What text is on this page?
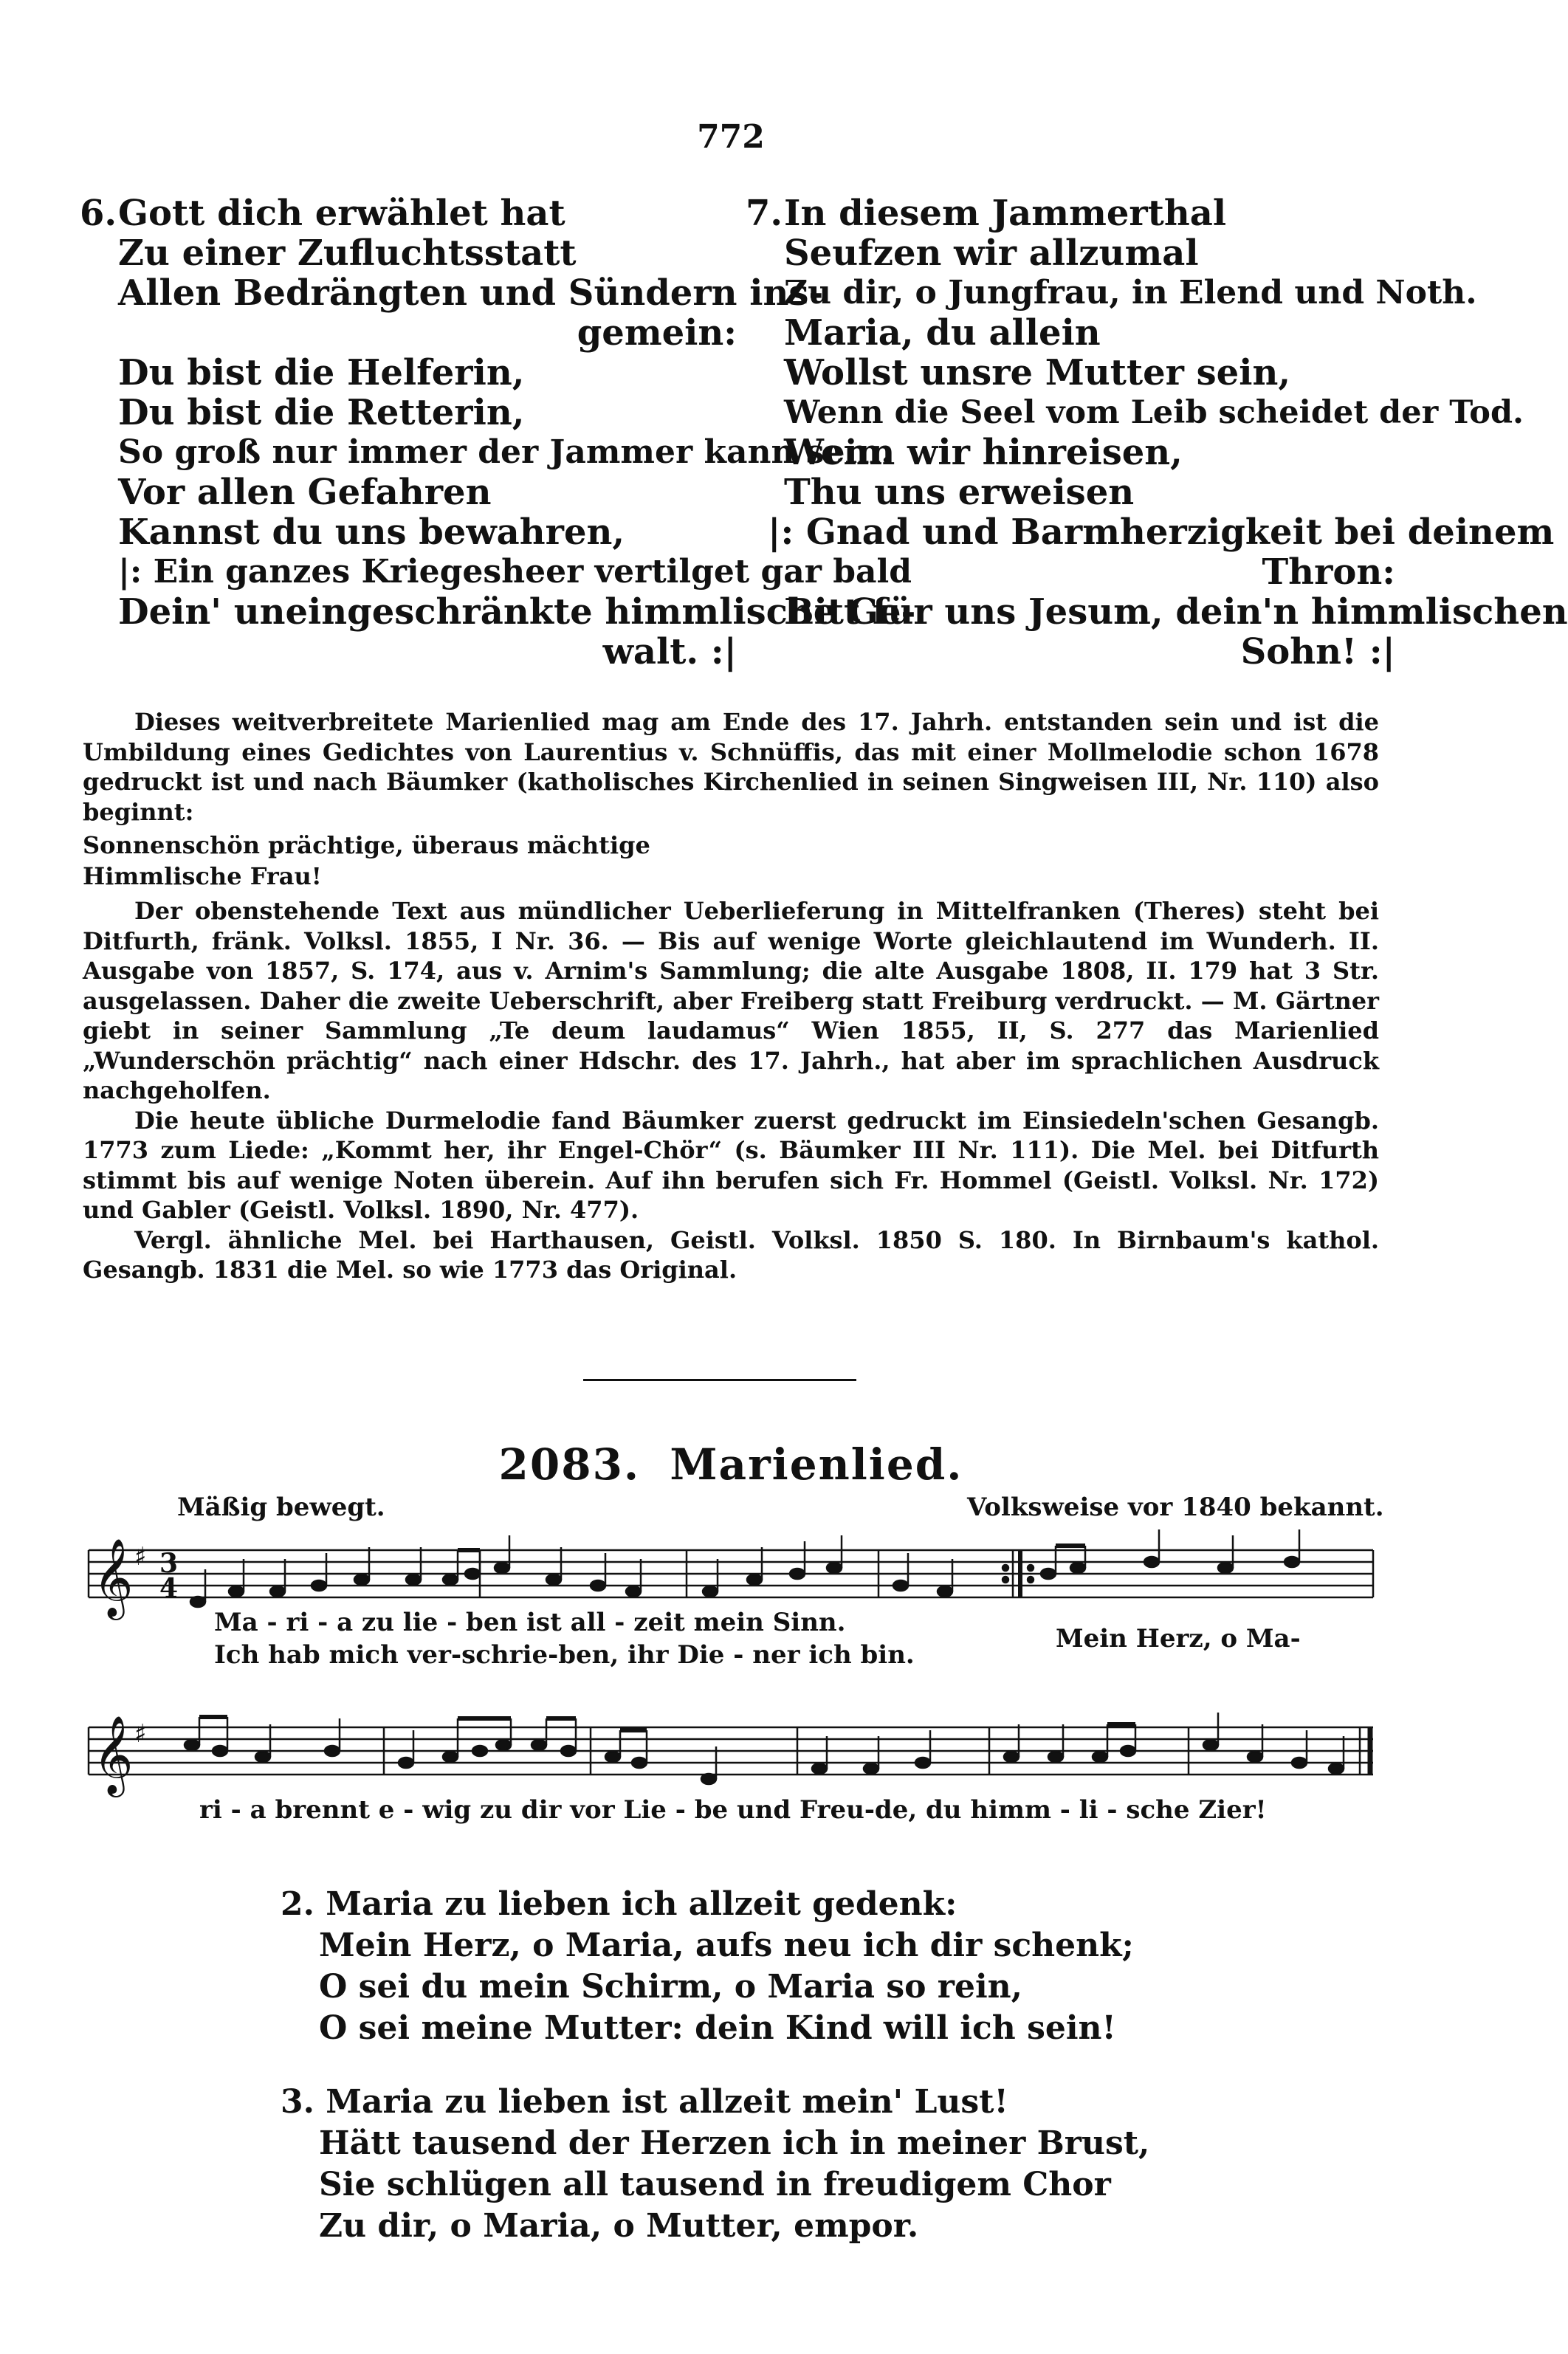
772
6.Gott dich erwählet hat
Zu einer Zufluchtsstatt
Allen Bedrängten und Sündern ins-
gemein:
Du bist die Helferin,
Du bist die Retterin,
So groß nur immer der Jammer kann sein.
Vor allen Gefahren
Kannst du uns bewahren,
|: Ein ganzes Kriegesheer vertilget gar bald
Dein' uneingeschränkte himmlische Ge-
walt. :|
7.In diesem Jammerthal
Seufzen wir allzumal
Zu dir, o Jungfrau, in Elend und Noth.
Maria, du allein
Wollst unsre Mutter sein,
Wenn die Seel vom Leib scheidet der Tod.
Wenn wir hinreisen,
Thu uns erweisen
|: Gnad und Barmherzigkeit bei deinem
Thron:
Bitt für uns Jesum, dein'n himmlischen
Sohn! :|

Dieses weitverbreitete Marienlied mag am Ende des 17. Jahrh. entstanden sein und ist die Umbildung eines Gedichtes von Laurentius v. Schnüffis, das mit einer Mollmelodie schon 1678 gedruckt ist und nach Bäumker (katholisches Kirchenlied in seinen Singweisen III, Nr. 110) also beginnt:

Sonnenschön prächtige, überaus mächtige
Himmlische Frau!

Der obenstehende Text aus mündlicher Ueberlieferung in Mittelfranken (Theres) steht bei Ditfurth, fränk. Volksl. 1855, I Nr. 36. — Bis auf wenige Worte gleichlautend im Wunderh. II. Ausgabe von 1857, S. 174, aus v. Arnim's Sammlung; die alte Ausgabe 1808, II. 179 hat 3 Str. ausgelassen. Daher die zweite Ueberschrift, aber Freiberg statt Freiburg verdruckt. — M. Gärtner giebt in seiner Sammlung „Te deum laudamus“ Wien 1855, II, S. 277 das Marienlied „Wunderschön prächtig“ nach einer Hdschr. des 17. Jahrh., hat aber im sprachlichen Ausdruck nachgeholfen.

Die heute übliche Durmelodie fand Bäumker zuerst gedruckt im Einsiedeln'schen Gesangb. 1773 zum Liede: „Kommt her, ihr Engel-Chör“ (s. Bäumker III Nr. 111). Die Mel. bei Ditfurth stimmt bis auf wenige Noten überein. Auf ihn berufen sich Fr. Hommel (Geistl. Volksl. Nr. 172) und Gabler (Geistl. Volksl. 1890, Nr. 477).

Vergl. ähnliche Mel. bei Harthausen, Geistl. Volksl. 1850 S. 180. In Birnbaum's kathol. Gesangb. 1831 die Mel. so wie 1773 das Original.

2083. Marienlied.
Mäßig bewegt.	Volksweise vor 1840 bekannt.
𝄞 ♯ 3
4
Ma - ri - a zu lie - ben ist all - zeit mein Sinn.
Ich hab mich ver-schrie-ben, ihr Die - ner ich bin.
Mein Herz, o Ma-
𝄞 ♯
ri - a brennt e - wig zu dir vor Lie - be und Freu-de, du himm - li - sche Zier!
2. Maria zu lieben ich allzeit gedenk:
Mein Herz, o Maria, aufs neu ich dir schenk;
O sei du mein Schirm, o Maria so rein,
O sei meine Mutter: dein Kind will ich sein!
3. Maria zu lieben ist allzeit mein' Lust!
Hätt tausend der Herzen ich in meiner Brust,
Sie schlügen all tausend in freudigem Chor
Zu dir, o Maria, o Mutter, empor.
